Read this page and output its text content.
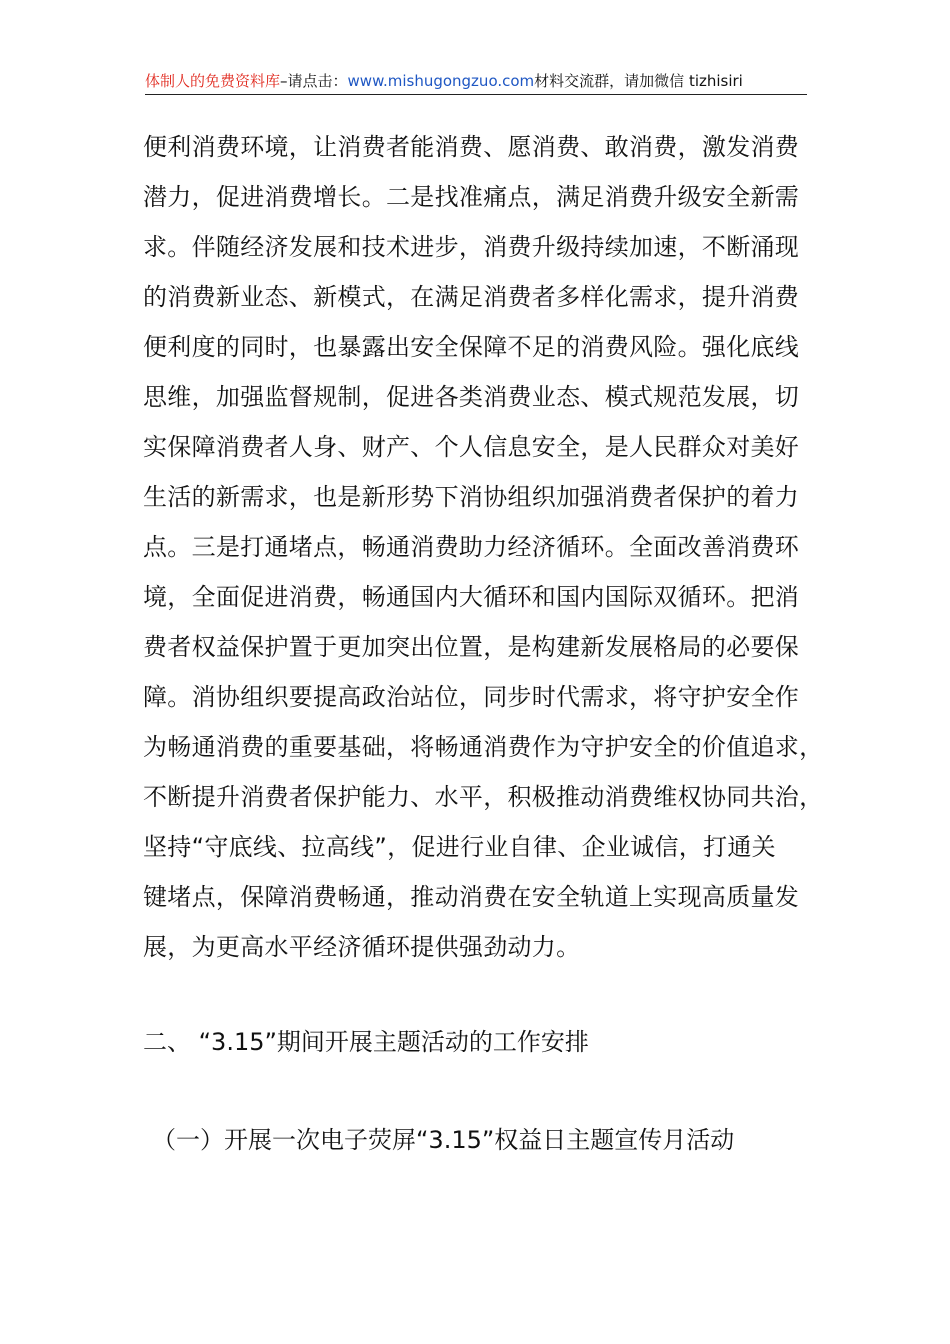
体制人的免费资料库–请点击：www.mishugongzuo.com材料交流群，请加微信 tizhisiri
便利消费环境，让消费者能消费、愿消费、敢消费，激发消费
潜力，促进消费增长。二是找准痛点，满足消费升级安全新需
求。伴随经济发展和技术进步，消费升级持续加速，不断涌现
的消费新业态、新模式，在满足消费者多样化需求，提升消费
便利度的同时，也暴露出安全保障不足的消费风险。强化底线
思维，加强监督规制，促进各类消费业态、模式规范发展，切
实保障消费者人身、财产、个人信息安全，是人民群众对美好
生活的新需求，也是新形势下消协组织加强消费者保护的着力
点。三是打通堵点，畅通消费助力经济循环。全面改善消费环
境，全面促进消费，畅通国内大循环和国内国际双循环。把消
费者权益保护置于更加突出位置，是构建新发展格局的必要保
障。消协组织要提高政治站位，同步时代需求，将守护安全作
为畅通消费的重要基础，将畅通消费作为守护安全的价值追求，
不断提升消费者保护能力、水平，积极推动消费维权协同共治，
坚持“守底线、拉高线”，促进行业自律、企业诚信，打通关
键堵点，保障消费畅通，推动消费在安全轨道上实现高质量发
展，为更高水平经济循环提供强劲动力。
二、 “3.15”期间开展主题活动的工作安排
（一）开展一次电子荧屏“3.15”权益日主题宣传月活动
